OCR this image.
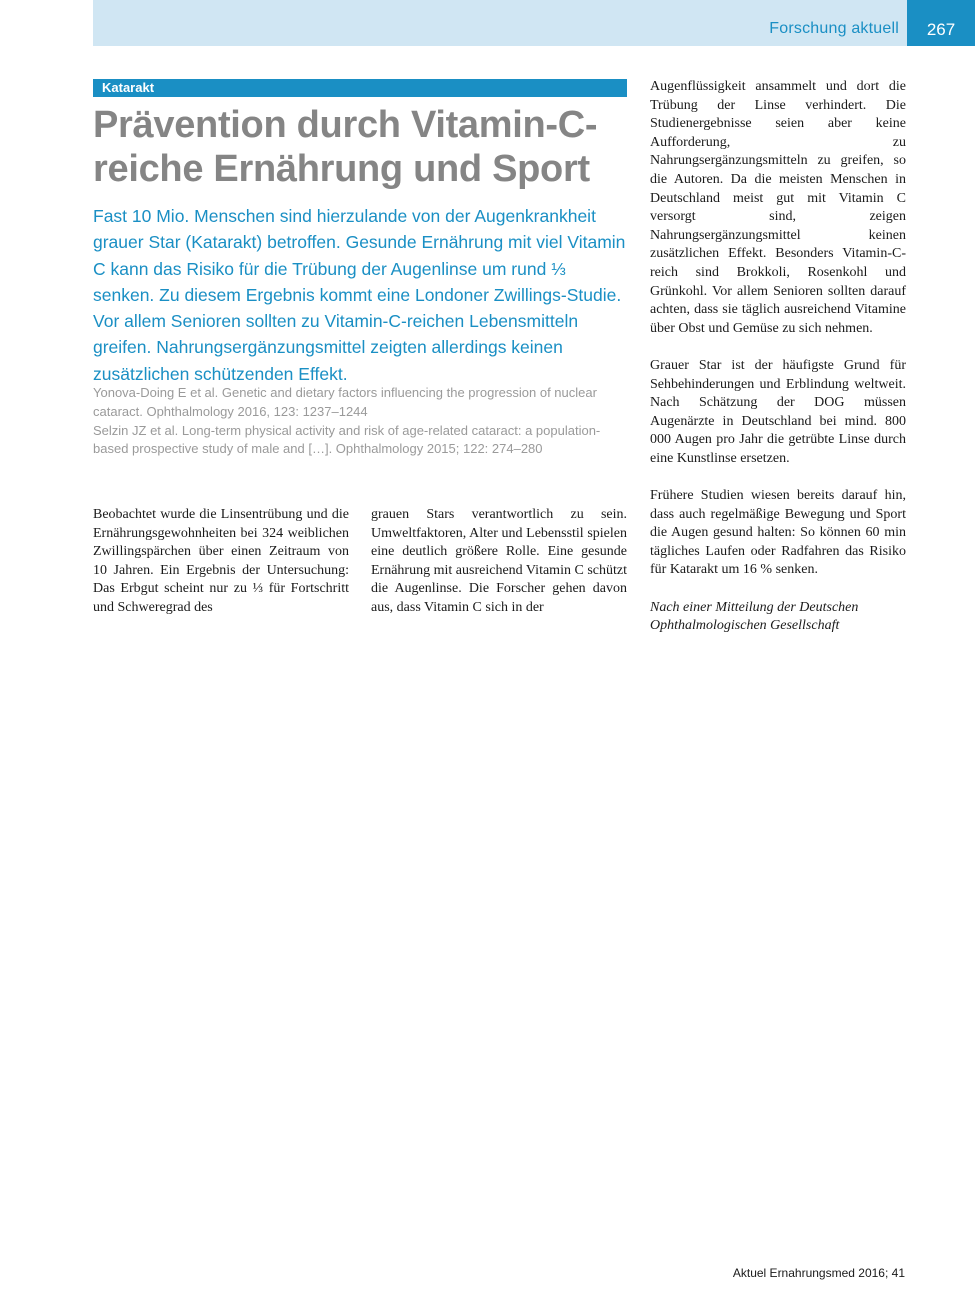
Forschung aktuell	267
Katarakt
Prävention durch Vitamin-C-reiche Ernährung und Sport

Fast 10 Mio. Menschen sind hierzulande von der Augenkrankheit grauer Star (Katarakt) betroffen. Gesunde Ernährung mit viel Vitamin C kann das Risiko für die Trübung der Augenlinse um rund ⅓ senken. Zu diesem Ergebnis kommt eine Londoner Zwillings-Studie. Vor allem Senioren sollten zu Vitamin-C-reichen Lebensmitteln greifen. Nahrungsergänzungsmittel zeigten allerdings keinen zusätzlichen schützenden Effekt.

Yonova-Doing E et al. Genetic and dietary factors influencing the progression of nuclear cataract. Ophthalmology 2016, 123: 1237–1244

Selzin JZ et al. Long-term physical activity and risk of age-related cataract: a population-based prospective study of male and […]. Ophthalmology 2015; 122: 274–280

Beobachtet wurde die Linsentrübung und die Ernährungsgewohnheiten bei 324 weiblichen Zwillingspärchen über einen Zeitraum von 10 Jahren. Ein Ergebnis der Untersuchung: Das Erbgut scheint nur zu ⅓ für Fortschritt und Schweregrad des

grauen Stars verantwortlich zu sein. Umweltfaktoren, Alter und Lebensstil spielen eine deutlich größere Rolle. Eine gesunde Ernährung mit ausreichend Vitamin C schützt die Augenlinse. Die Forscher gehen davon aus, dass Vitamin C sich in der

Augenflüssigkeit ansammelt und dort die Trübung der Linse verhindert. Die Studienergebnisse seien aber keine Aufforderung, zu Nahrungsergänzungsmitteln zu greifen, so die Autoren. Da die meisten Menschen in Deutschland meist gut mit Vitamin C versorgt sind, zeigen Nahrungsergänzungsmittel keinen zusätzlichen Effekt. Besonders Vitamin-C-reich sind Brokkoli, Rosenkohl und Grünkohl. Vor allem Senioren sollten darauf achten, dass sie täglich ausreichend Vitamine über Obst und Gemüse zu sich nehmen.

Grauer Star ist der häufigste Grund für Sehbehinderungen und Erblindung weltweit. Nach Schätzung der DOG müssen Augenärzte in Deutschland bei mind. 800 000 Augen pro Jahr die getrübte Linse durch eine Kunstlinse ersetzen.

Frühere Studien wiesen bereits darauf hin, dass auch regelmäßige Bewegung und Sport die Augen gesund halten: So können 60 min tägliches Laufen oder Radfahren das Risiko für Katarakt um 16 % senken.

Nach einer Mitteilung der Deutschen Ophthalmologischen Gesellschaft

Aktuel Ernahrungsmed 2016; 41
